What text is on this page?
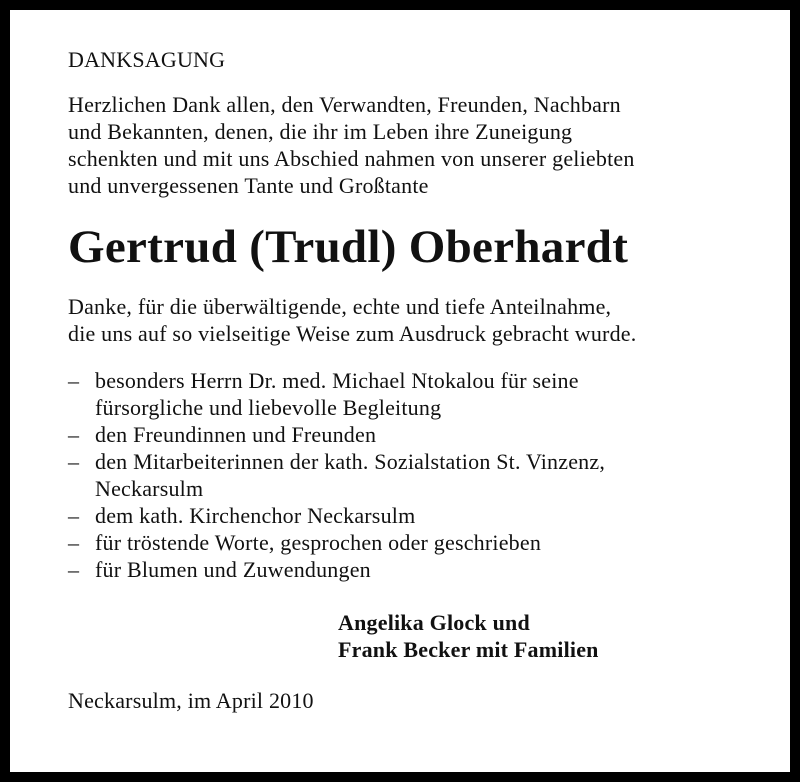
DANKSAGUNG
Herzlichen Dank allen, den Verwandten, Freunden, Nachbarn
und Bekannten, denen, die ihr im Leben ihre Zuneigung
schenkten und mit uns Abschied nahmen von unserer geliebten
und unvergessenen Tante und Großtante
Gertrud (Trudl) Oberhardt
Danke, für die überwältigende, echte und tiefe Anteilnahme,
die uns auf so vielseitige Weise zum Ausdruck gebracht wurde.
– besonders Herrn Dr. med. Michael Ntokalou für seine
fürsorgliche und liebevolle Begleitung
– den Freundinnen und Freunden
– den Mitarbeiterinnen der kath. Sozialstation St. Vinzenz,
Neckarsulm
– dem kath. Kirchenchor Neckarsulm
– für tröstende Worte, gesprochen oder geschrieben
– für Blumen und Zuwendungen
Angelika Glock und
Frank Becker mit Familien
Neckarsulm, im April 2010
